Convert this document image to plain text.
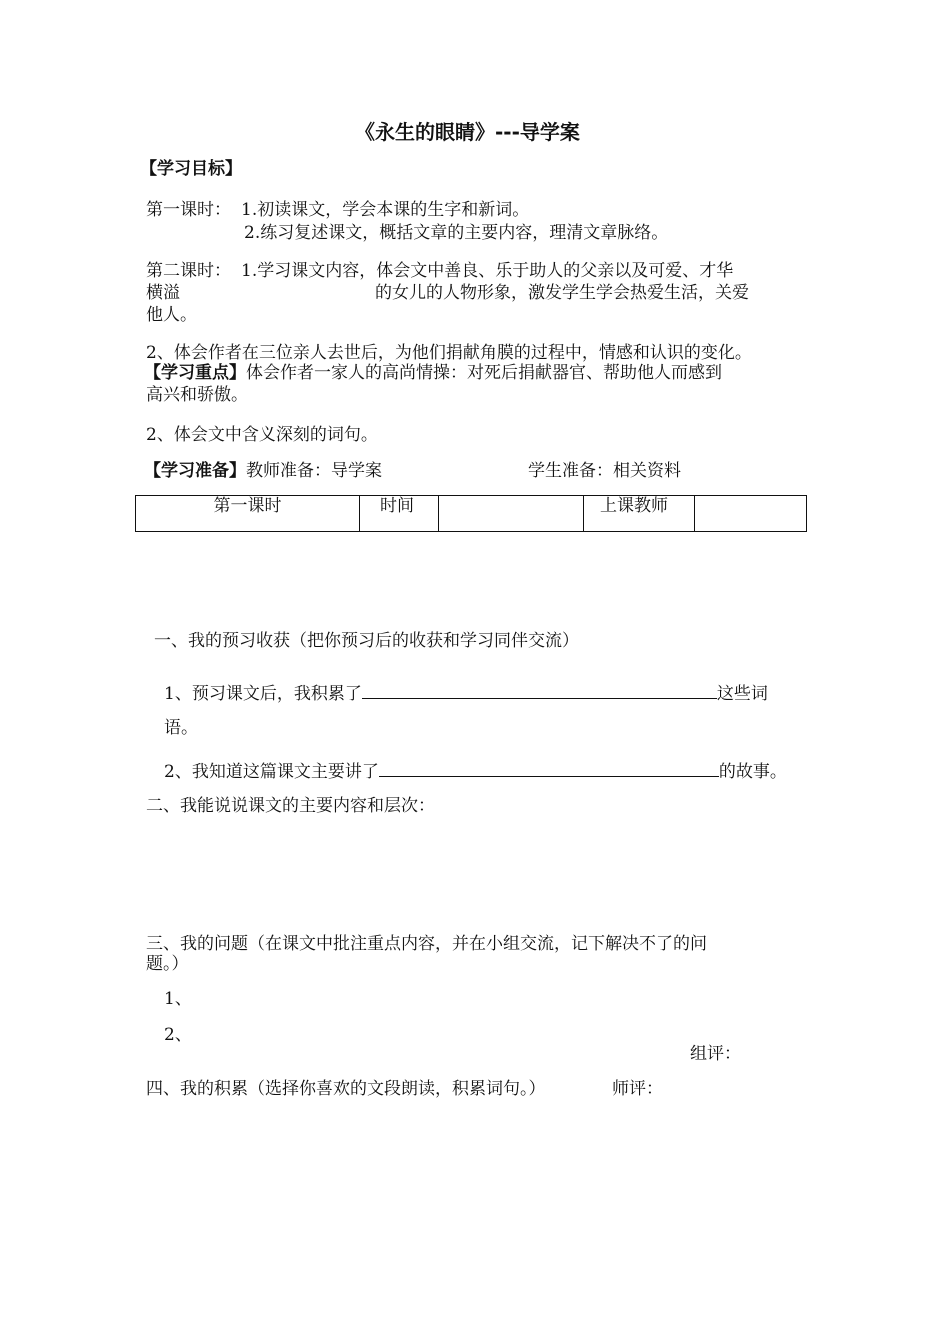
《永生的眼睛》---导学案
【学习目标】
第一课时： 1.初读课文，学会本课的生字和新词。
2.练习复述课文，概括文章的主要内容，理清文章脉络。
第二课时： 1.学习课文内容，体会文中善良、乐于助人的父亲以及可爱、才华
横溢	的女儿的人物形象，激发学生学会热爱生活，关爱
他人。
2、体会作者在三位亲人去世后，为他们捐献角膜的过程中，情感和认识的变化。
【学习重点】体会作者一家人的高尚情操：对死后捐献器官、帮助他人而感到
高兴和骄傲。
2、体会文中含义深刻的词句。
【学习准备】教师准备：导学案	学生准备：相关资料
第一课时	时间		上课教师	
一、我的预习收获（把你预习后的收获和学习同伴交流）
1、预习课文后，我积累了	这些词
语。
2、我知道这篇课文主要讲了	的故事。
二、我能说说课文的主要内容和层次：
三、我的问题（在课文中批注重点内容，并在小组交流，记下解决不了的问
题。）
1、
2、
组评：
四、我的积累（选择你喜欢的文段朗读，积累词句。）	师评：
